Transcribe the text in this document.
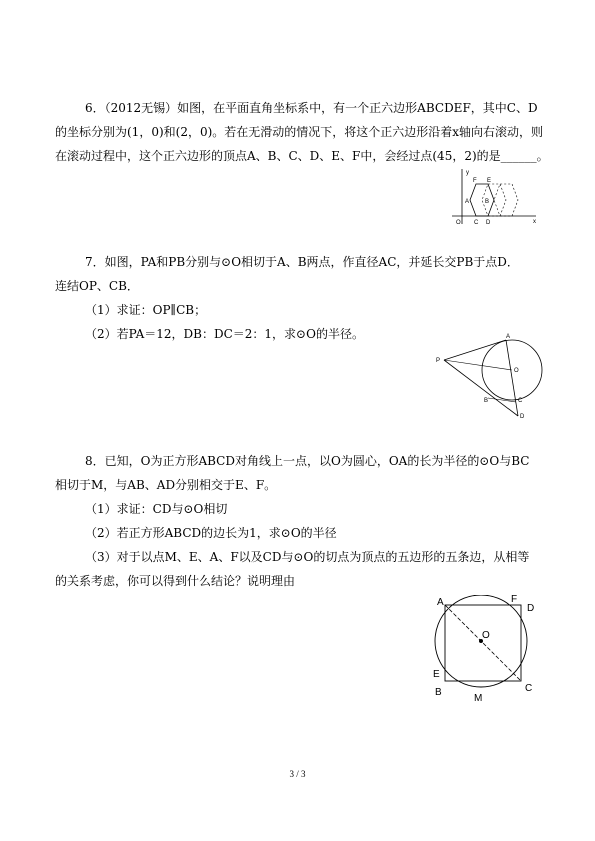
6．（2012无锡）如图，在平面直角坐标系中，有一个正六边形ABCDEF，其中C、D
的坐标分别为(1，0)和(2，0)。若在无滑动的情况下，将这个正六边形沿着x轴向右滚动，则
在滚动过程中，这个正六边形的顶点A、B、C、D、E、F中，会经过点(45，2)的是______。
y
x
O C D
F E
A	B
7．如图，PA和PB分别与⊙O相切于A、B两点，作直径AC，并延长交PB于点D．
连结OP、CB．
（1）求证：OP∥CB；
（2）若PA＝12，DB：DC＝2：1，求⊙O的半径。
P
A
O
B	C
D
8．已知，O为正方形ABCD对角线上一点，以O为圆心，OA的长为半径的⊙O与BC
相切于M，与AB、AD分别相交于E、F。
（1）求证：CD与⊙O相切
（2）若正方形ABCD的边长为1，求⊙O的半径
（3）对于以点M、E、A、F以及CD与⊙O的切点为顶点的五边形的五条边，从相等
的关系考虑，你可以得到什么结论？说明理由
A	F
D
O
E
B
M
C
3 / 3
